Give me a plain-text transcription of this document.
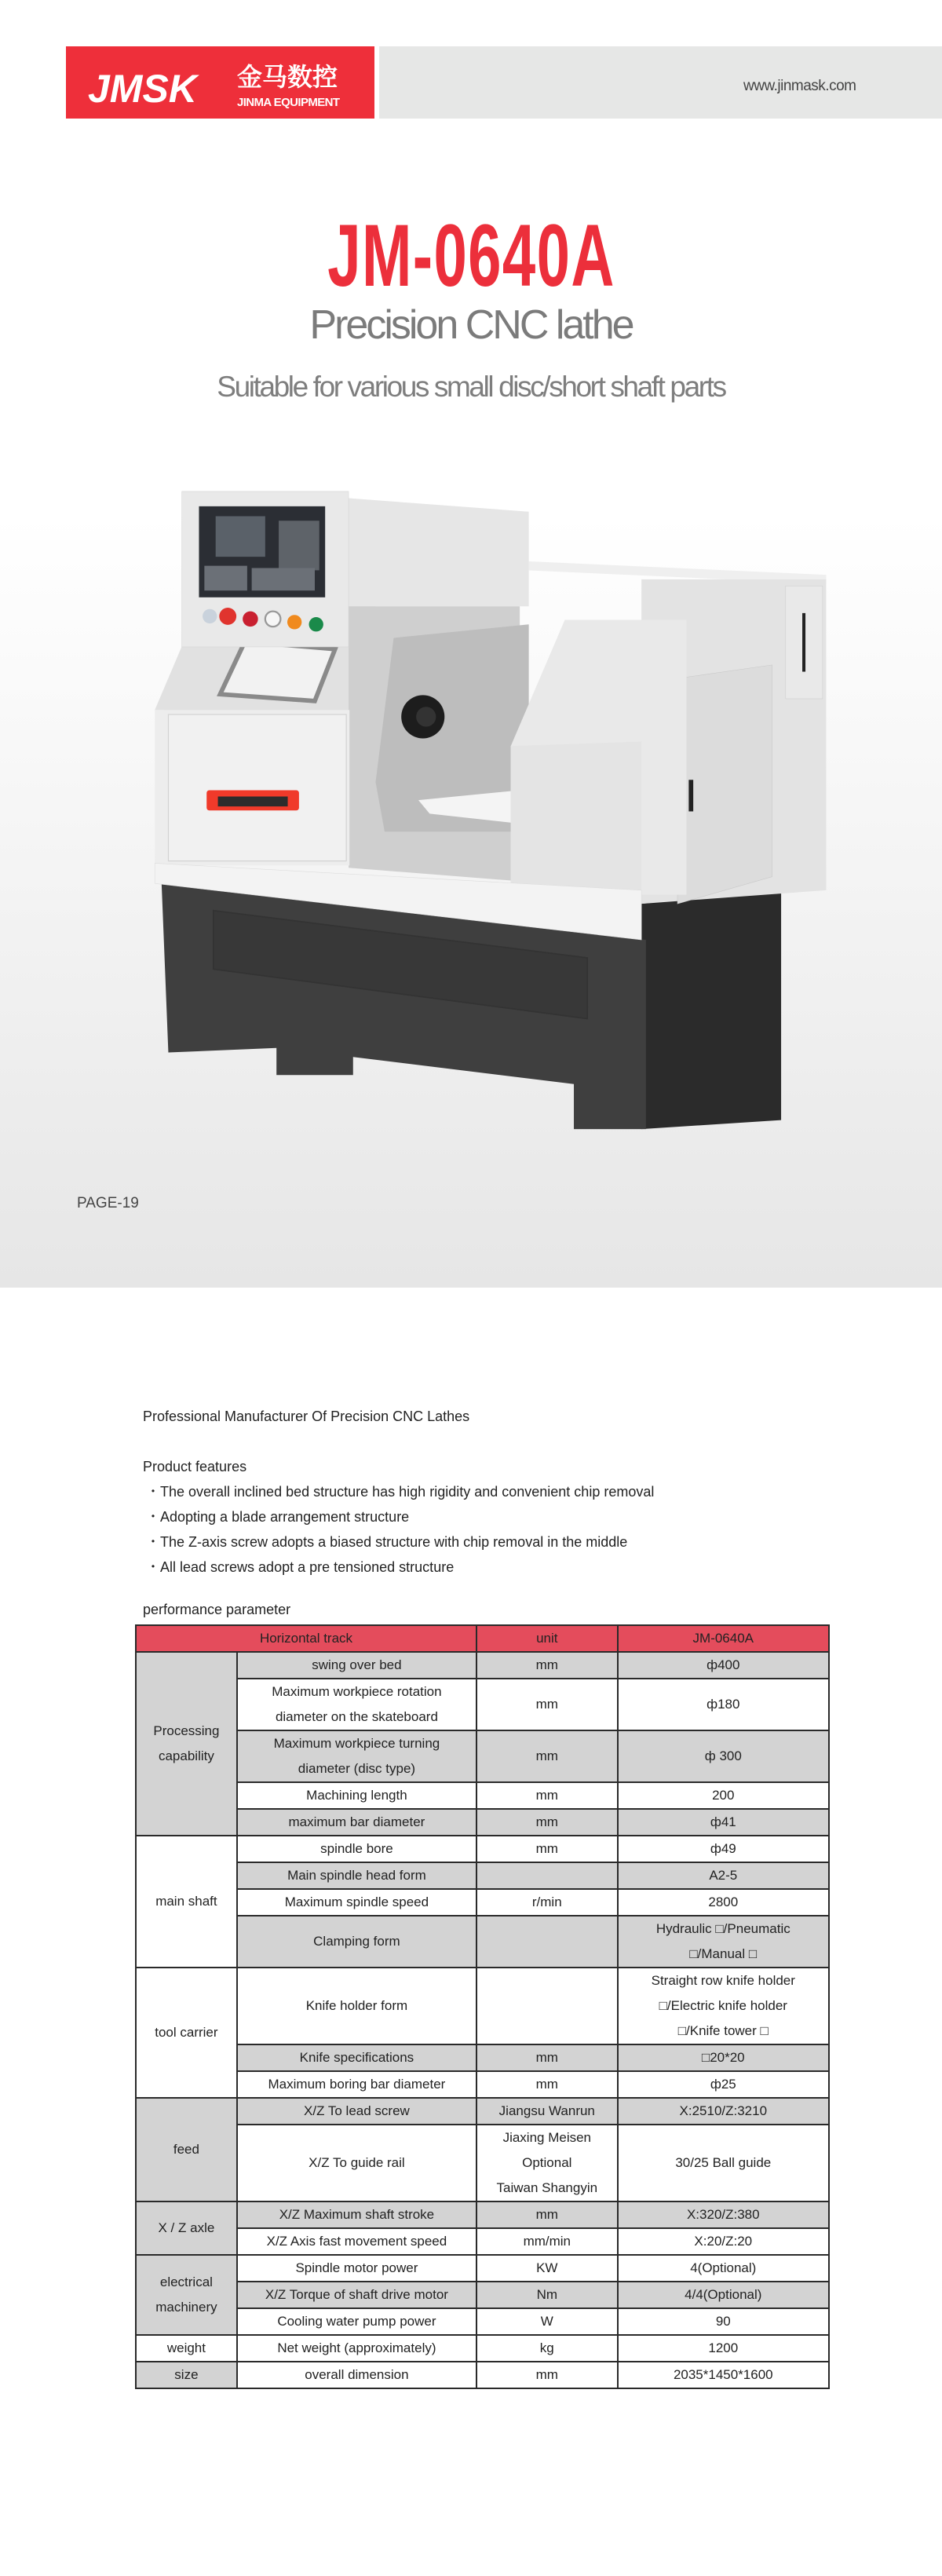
JMSK 金马数控
JINMA EQUIPMENT
www.jinmask.com
JM-0640A
Precision CNC lathe
Suitable for various small disc/short shaft parts
PAGE-19

Professional Manufacturer Of Precision CNC Lathes

Product features

・The overall inclined bed structure has high rigidity and convenient chip removal

・Adopting a blade arrangement structure

・The Z-axis screw adopts a biased structure with chip removal in the middle

・All lead screws adopt a pre tensioned structure

performance parameter
Horizontal track		unit	JM-0640A
Processing
capability	swing over bed	mm	ф400
	Maximum workpiece rotation
diameter on the skateboard	mm	ф180
	Maximum workpiece turning
diameter (disc type)	mm	ф 300
	Machining length	mm	200
	maximum bar diameter	mm	ф41
main shaft	spindle bore	mm	ф49
	Main spindle head form		A2-5
	Maximum spindle speed	r/min	2800
	Clamping form		Hydraulic □/Pneumatic
□/Manual □
tool carrier	Knife holder form		Straight row knife holder
□/Electric knife holder
□/Knife tower □
	Knife specifications	mm	□20*20
	Maximum boring bar diameter	mm	ф25
feed	X/Z To lead screw	Jiangsu Wanrun	X:2510/Z:3210
	X/Z To guide rail	Jiaxing Meisen
Optional
Taiwan Shangyin	30/25 Ball guide
X / Z axle	X/Z Maximum shaft stroke	mm	X:320/Z:380
	X/Z Axis fast movement speed	mm/min	X:20/Z:20
electrical
machinery	Spindle motor power	KW	4(Optional)
	X/Z Torque of shaft drive motor	Nm	4/4(Optional)
	Cooling water pump power	W	90
weight	Net weight (approximately)	kg	1200
size	overall dimension	mm	2035*1450*1600
